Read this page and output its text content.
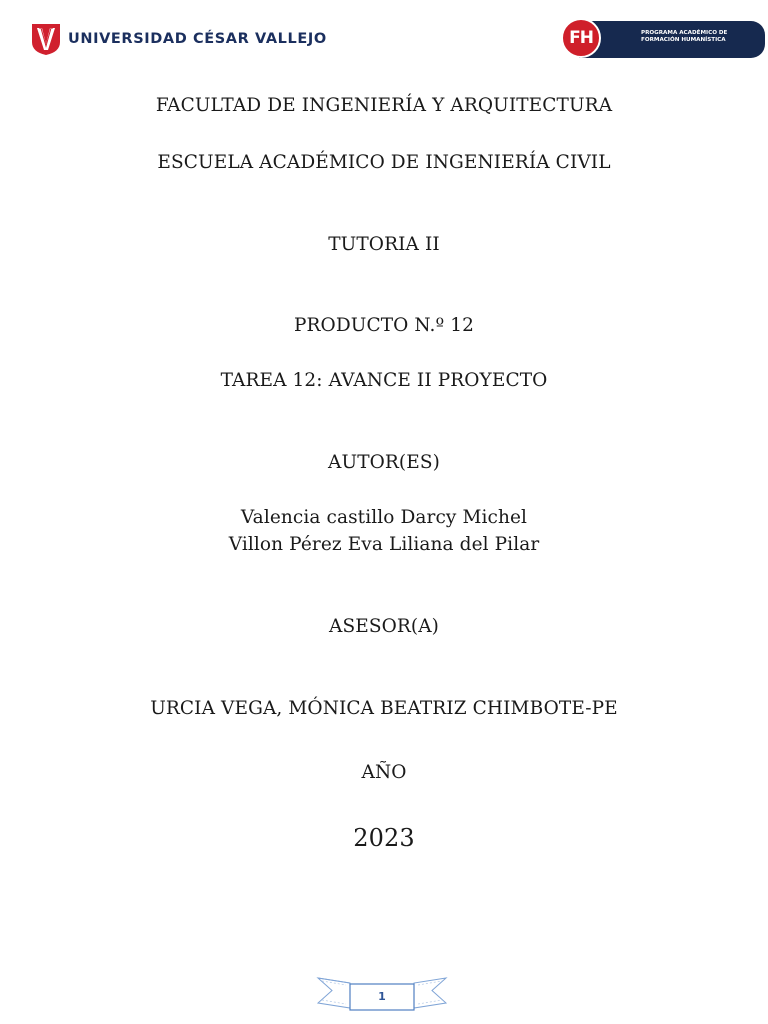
UNIVERSIDAD CÉSAR VALLEJO	FH	PROGRAMA ACADÉMICO DE
FORMACIÓN HUMANÍSTICA
FACULTAD DE INGENIERÍA Y ARQUITECTURA
ESCUELA ACADÉMICO DE INGENIERÍA CIVIL
TUTORIA II
PRODUCTO N.º 12
TAREA 12: AVANCE II PROYECTO
AUTOR(ES)
Valencia castillo Darcy Michel
Villon Pérez Eva Liliana del Pilar
ASESOR(A)
URCIA VEGA, MÓNICA BEATRIZ CHIMBOTE-PE
AÑO
2023
1
